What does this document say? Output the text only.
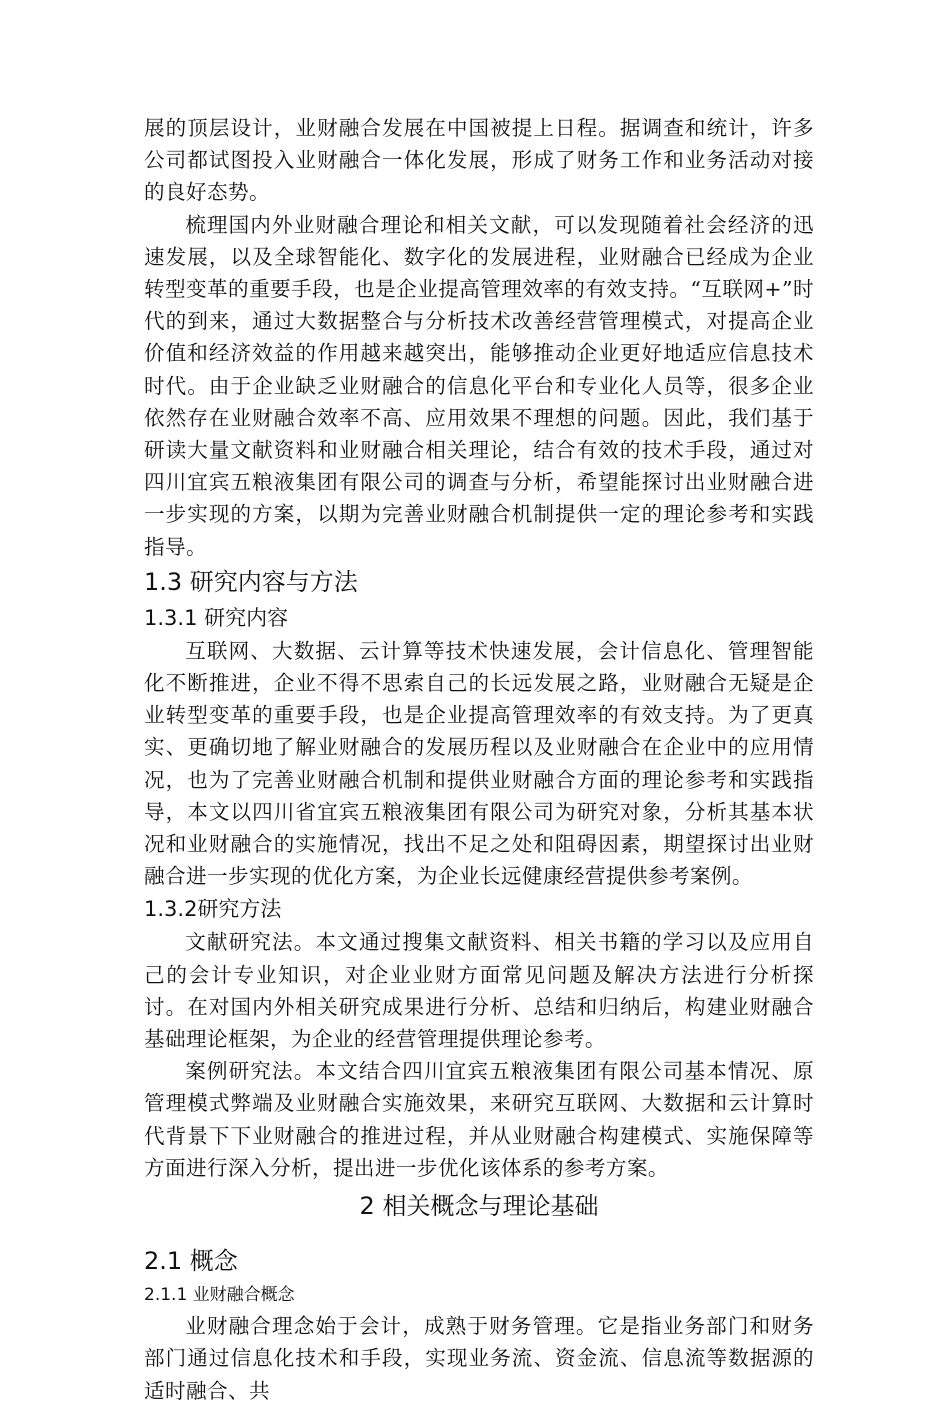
展的顶层设计，业财融合发展在中国被提上日程。据调查和统计，许多公司都试图投入业财融合一体化发展，形成了财务工作和业务活动对接的良好态势。

梳理国内外业财融合理论和相关文献，可以发现随着社会经济的迅速发展，以及全球智能化、数字化的发展进程，业财融合已经成为企业转型变革的重要手段，也是企业提高管理效率的有效支持。“互联网+”时代的到来，通过大数据整合与分析技术改善经营管理模式，对提高企业价值和经济效益的作用越来越突出，能够推动企业更好地适应信息技术时代。由于企业缺乏业财融合的信息化平台和专业化人员等，很多企业依然存在业财融合效率不高、应用效果不理想的问题。因此，我们基于研读大量文献资料和业财融合相关理论，结合有效的技术手段，通过对四川宜宾五粮液集团有限公司的调查与分析，希望能探讨出业财融合进一步实现的方案，以期为完善业财融合机制提供一定的理论参考和实践指导。

1.3 研究内容与方法
1.3.1 研究内容

互联网、大数据、云计算等技术快速发展，会计信息化、管理智能化不断推进，企业不得不思索自己的长远发展之路，业财融合无疑是企业转型变革的重要手段，也是企业提高管理效率的有效支持。为了更真实、更确切地了解业财融合的发展历程以及业财融合在企业中的应用情况，也为了完善业财融合机制和提供业财融合方面的理论参考和实践指导，本文以四川省宜宾五粮液集团有限公司为研究对象，分析其基本状况和业财融合的实施情况，找出不足之处和阻碍因素，期望探讨出业财融合进一步实现的优化方案，为企业长远健康经营提供参考案例。

1.3.2研究方法

文献研究法。本文通过搜集文献资料、相关书籍的学习以及应用自己的会计专业知识，对企业业财方面常见问题及解决方法进行分析探讨。在对国内外相关研究成果进行分析、总结和归纳后，构建业财融合基础理论框架，为企业的经营管理提供理论参考。

案例研究法。本文结合四川宜宾五粮液集团有限公司基本情况、原管理模式弊端及业财融合实施效果，来研究互联网、大数据和云计算时代背景下下业财融合的推进过程，并从业财融合构建模式、实施保障等方面进行深入分析，提出进一步优化该体系的参考方案。

2 相关概念与理论基础
2.1 概念
2.1.1 业财融合概念

业财融合理念始于会计，成熟于财务管理。它是指业务部门和财务部门通过信息化技术和手段，实现业务流、资金流、信息流等数据源的适时融合、共
